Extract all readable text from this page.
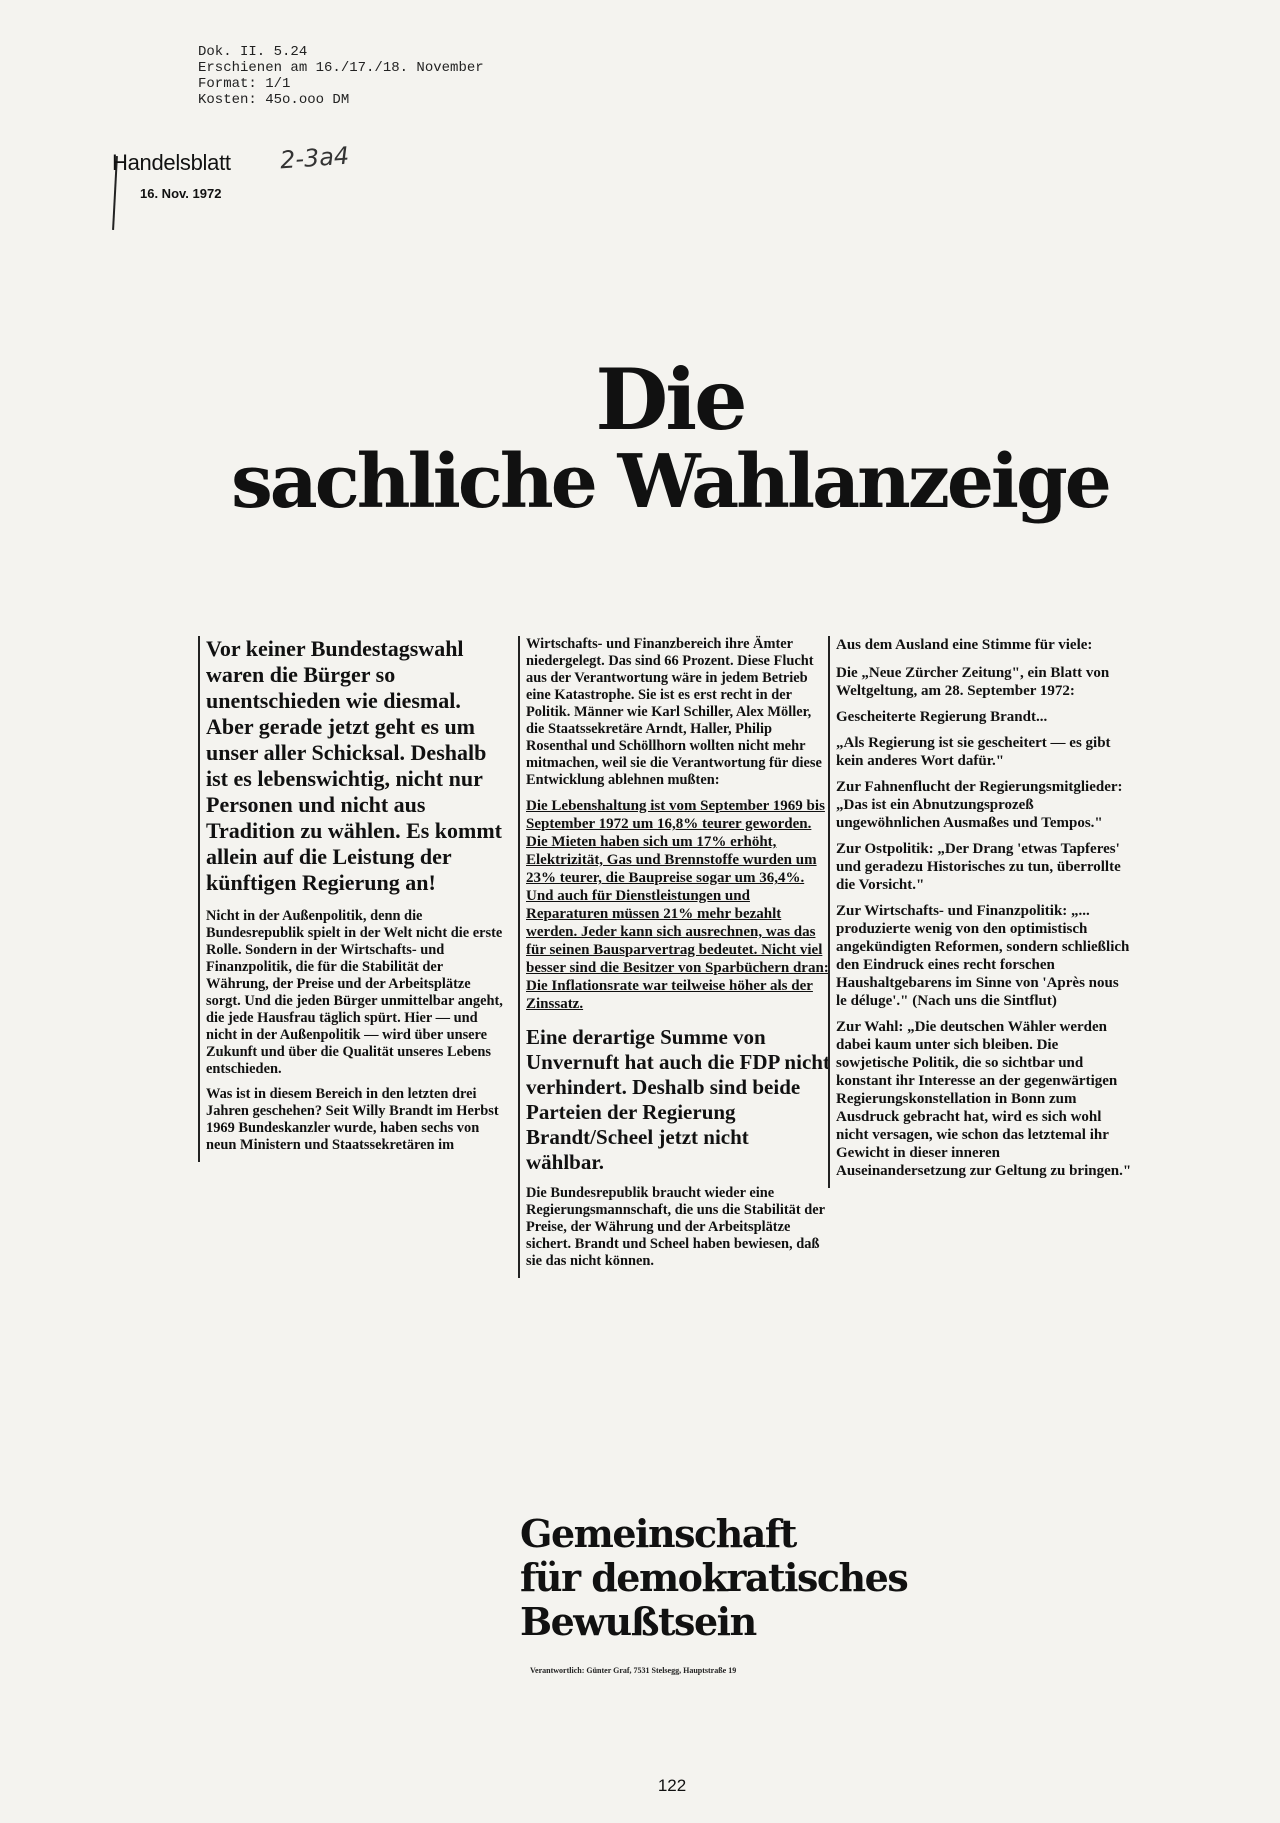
Dok. II. 5.24
Erschienen am 16./17./18. November
Format: 1/1
Kosten: 45o.ooo DM
Handelsblatt
16. Nov. 1972
2-3a4
Die
sachliche Wahlanzeige

Vor keiner Bundestagswahl waren die Bürger so unentschieden wie diesmal. Aber gerade jetzt geht es um unser aller Schicksal. Deshalb ist es lebenswichtig, nicht nur Personen und nicht aus Tradition zu wählen. Es kommt allein auf die Leistung der künftigen Regierung an!

Nicht in der Außenpolitik, denn die Bundesrepublik spielt in der Welt nicht die erste Rolle. Sondern in der Wirtschafts- und Finanzpolitik, die für die Stabilität der Währung, der Preise und der Arbeitsplätze sorgt. Und die jeden Bürger unmittelbar angeht, die jede Hausfrau täglich spürt. Hier — und nicht in der Außenpolitik — wird über unsere Zukunft und über die Qualität unseres Lebens entschieden.

Was ist in diesem Bereich in den letzten drei Jahren geschehen? Seit Willy Brandt im Herbst 1969 Bundeskanzler wurde, haben sechs von neun Ministern und Staatssekretären im

Wirtschafts- und Finanzbereich ihre Ämter niedergelegt. Das sind 66 Prozent. Diese Flucht aus der Verantwortung wäre in jedem Betrieb eine Katastrophe. Sie ist es erst recht in der Politik. Männer wie Karl Schiller, Alex Möller, die Staatssekretäre Arndt, Haller, Philip Rosenthal und Schöllhorn wollten nicht mehr mitmachen, weil sie die Verantwortung für diese Entwicklung ablehnen mußten:

Die Lebenshaltung ist vom September 1969 bis September 1972 um 16,8% teurer geworden. Die Mieten haben sich um 17% erhöht, Elektrizität, Gas und Brennstoffe wurden um 23% teurer, die Baupreise sogar um 36,4%. Und auch für Dienstleistungen und Reparaturen müssen 21% mehr bezahlt werden. Jeder kann sich ausrechnen, was das für seinen Bausparvertrag bedeutet. Nicht viel besser sind die Besitzer von Sparbüchern dran: Die Inflationsrate war teilweise höher als der Zinssatz.

Eine derartige Summe von Unvernuft hat auch die FDP nicht verhindert. Deshalb sind beide Parteien der Regierung Brandt/Scheel jetzt nicht wählbar.

Die Bundesrepublik braucht wieder eine Regierungsmannschaft, die uns die Stabilität der Preise, der Währung und der Arbeitsplätze sichert. Brandt und Scheel haben bewiesen, daß sie das nicht können.

Aus dem Ausland eine Stimme für viele:

Die „Neue Zürcher Zeitung", ein Blatt von Weltgeltung, am 28. September 1972:

Gescheiterte Regierung Brandt...

„Als Regierung ist sie gescheitert — es gibt kein anderes Wort dafür."

Zur Fahnenflucht der Regierungsmitglieder: „Das ist ein Abnutzungsprozeß ungewöhnlichen Ausmaßes und Tempos."

Zur Ostpolitik: „Der Drang 'etwas Tapferes' und geradezu Historisches zu tun, überrollte die Vorsicht."

Zur Wirtschafts- und Finanzpolitik: „... produzierte wenig von den optimistisch angekündigten Reformen, sondern schließlich den Eindruck eines recht forschen Haushaltgebarens im Sinne von 'Après nous le déluge'." (Nach uns die Sintflut)

Zur Wahl: „Die deutschen Wähler werden dabei kaum unter sich bleiben. Die sowjetische Politik, die so sichtbar und konstant ihr Interesse an der gegenwärtigen Regierungskonstellation in Bonn zum Ausdruck gebracht hat, wird es sich wohl nicht versagen, wie schon das letztemal ihr Gewicht in dieser inneren Auseinandersetzung zur Geltung zu bringen."

Gemeinschaft
für demokratisches Bewußtsein
Verantwortlich: Günter Graf, 7531 Stelsegg, Hauptstraße 19
122
